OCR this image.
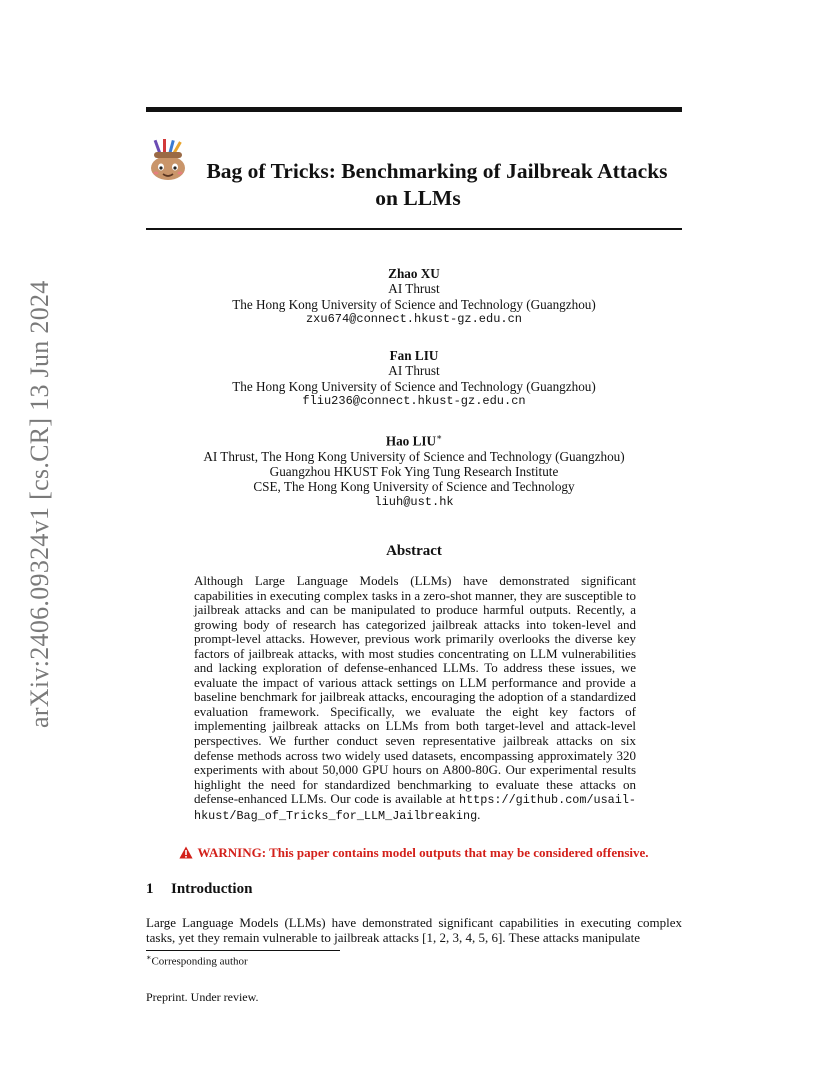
arXiv:2406.09324v1 [cs.CR] 13 Jun 2024
Bag of Tricks: Benchmarking of Jailbreak Attacks
on LLMs
Zhao XU
AI Thrust
The Hong Kong University of Science and Technology (Guangzhou)
zxu674@connect.hkust-gz.edu.cn
Fan LIU
AI Thrust
The Hong Kong University of Science and Technology (Guangzhou)
fliu236@connect.hkust-gz.edu.cn
Hao LIU∗
AI Thrust, The Hong Kong University of Science and Technology (Guangzhou)
Guangzhou HKUST Fok Ying Tung Research Institute
CSE, The Hong Kong University of Science and Technology
liuh@ust.hk
Abstract
Although Large Language Models (LLMs) have demonstrated significant capabilities in executing complex tasks in a zero-shot manner, they are susceptible to jailbreak attacks and can be manipulated to produce harmful outputs. Recently, a growing body of research has categorized jailbreak attacks into token-level and prompt-level attacks. However, previous work primarily overlooks the diverse key factors of jailbreak attacks, with most studies concentrating on LLM vulnerabilities and lacking exploration of defense-enhanced LLMs. To address these issues, we evaluate the impact of various attack settings on LLM performance and provide a baseline benchmark for jailbreak attacks, encouraging the adoption of a standardized evaluation framework. Specifically, we evaluate the eight key factors of implementing jailbreak attacks on LLMs from both target-level and attack-level perspectives. We further conduct seven representative jailbreak attacks on six defense methods across two widely used datasets, encompassing approximately 320 experiments with about 50,000 GPU hours on A800-80G. Our experimental results highlight the need for standardized benchmarking to evaluate these attacks on defense-enhanced LLMs. Our code is available at https://github.com/usail-hkust/Bag_of_Tricks_for_LLM_Jailbreaking.
WARNING: This paper contains model outputs that may be considered offensive.
1 Introduction
Large Language Models (LLMs) have demonstrated significant capabilities in executing complex tasks, yet they remain vulnerable to jailbreak attacks [1, 2, 3, 4, 5, 6]. These attacks manipulate
∗Corresponding author
Preprint. Under review.
